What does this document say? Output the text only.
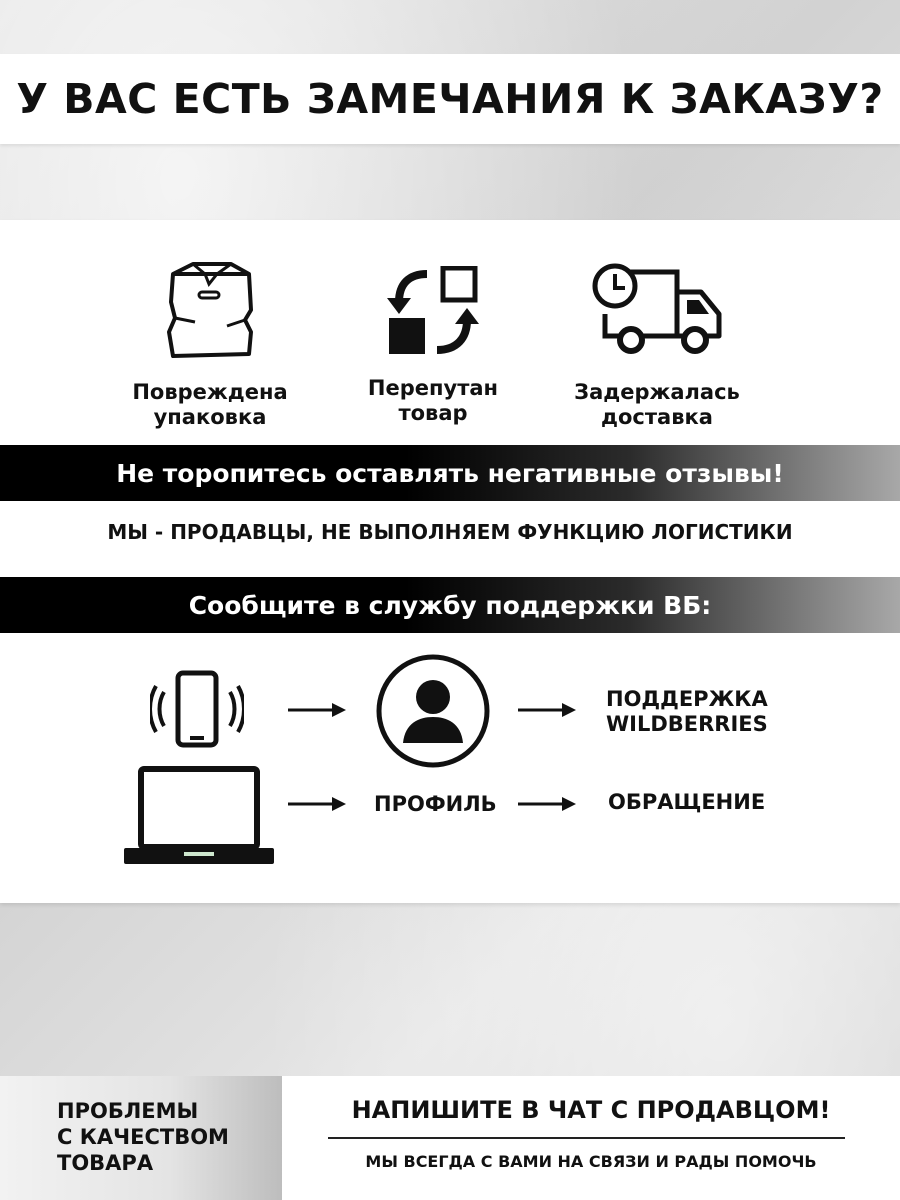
У ВАС ЕСТЬ ЗАМЕЧАНИЯ К ЗАКАЗУ?
Повреждена
упаковка
Перепутан
товар
Задержалась
доставка
Не торопитесь оставлять негативные отзывы!
МЫ - ПРОДАВЦЫ, НЕ ВЫПОЛНЯЕМ ФУНКЦИЮ ЛОГИСТИКИ
Сообщите в службу поддержки ВБ:
ПОДДЕРЖКА
WILDBERRIES
ПРОФИЛЬ	ОБРАЩЕНИЕ
ПРОБЛЕМЫ
С КАЧЕСТВОМ
ТОВАРА
НАПИШИТЕ В ЧАТ С ПРОДАВЦОМ!
МЫ ВСЕГДА С ВАМИ НА СВЯЗИ И РАДЫ ПОМОЧЬ
